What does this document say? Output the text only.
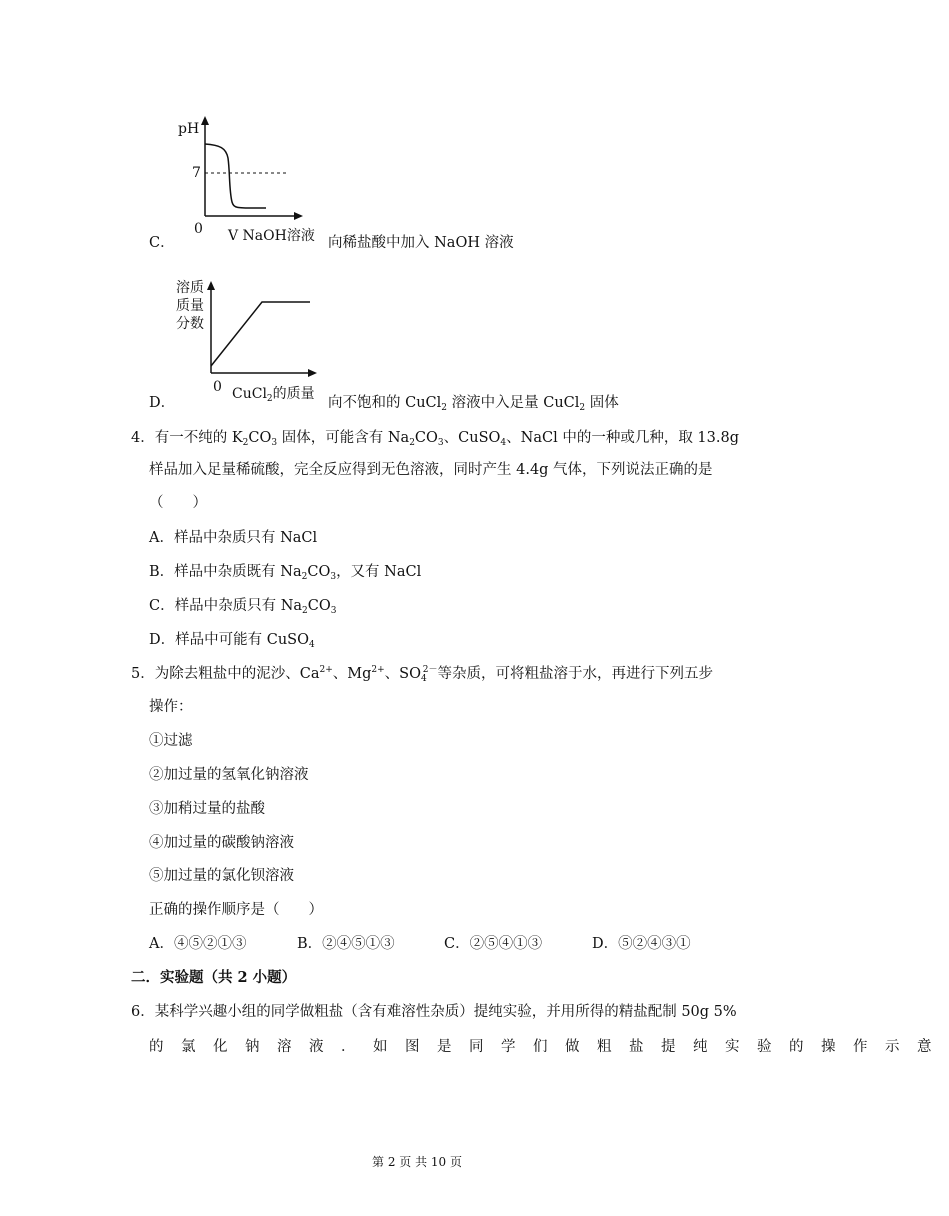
pH
7
0 V NaOH溶液
C．	向稀盐酸中加入 NaOH 溶液
溶质
质量
分数
0 CuCl$_2$的质量
D．	向不饱和的 CuCl$_2$ 溶液中入足量 CuCl$_2$ 固体
4．有一不纯的 $K_2CO_3$ 固体，可能含有 $Na_2CO_3$、CuSO$_4$、NaCl 中的一种或几种，取 13.8g
样品加入足量稀硫酸，完全反应得到无色溶液，同时产生 4.4g 气体，下列说法正确的是
（　　）
A．样品中杂质只有 NaCl
B．样品中杂质既有 $Na_2CO_3$，又有 NaCl
C．样品中杂质只有 $Na_2CO_3$
D．样品中可能有 CuSO$_4$
5．为除去粗盐中的泥沙、$Ca^{2+}$、$Mg^{2+}$、$SO_4^{2-}$等杂质，可将粗盐溶于水，再进行下列五步
操作：
①过滤
②加过量的氢氧化钠溶液
③加稍过量的盐酸
④加过量的碳酸钠溶液
⑤加过量的氯化钡溶液
正确的操作顺序是（　　）
A．④⑤②①③	B．②④⑤①③	C．②⑤④①③	D．⑤②④③①
二．实验题（共 2 小题）
6．某科学兴趣小组的同学做粗盐（含有难溶性杂质）提纯实验，并用所得的精盐配制 50g 5%
的氯化钠溶液．如图是同学们做粗盐提纯实验的操作示意
第 2 页 共 10 页
